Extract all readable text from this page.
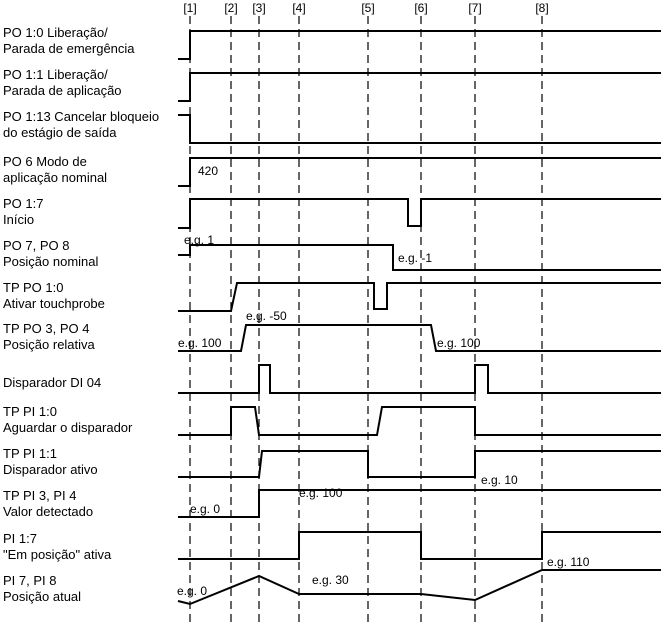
[1] [2] [3] [4]	[5]	[6]	[7]	[8]
PO 1:0 Liberação/
Parada de emergência
PO 1:1 Liberação/
Parada de aplicação
PO 1:13 Cancelar bloqueio
do estágio de saída
PO 6 Modo de
aplicação nominal
PO 1:7
Início
PO 7, PO 8
Posição nominal
TP PO 1:0
Ativar touchprobe
TP PO 3, PO 4
Posição relativa
Disparador DI 04
TP PI 1:0
Aguardar o disparador
TP PI 1:1
Disparador ativo
TP PI 3, PI 4
Valor detectado
PI 1:7
"Em posição" ativa
PI 7, PI 8
Posição atual
420
e.g. 1
e.g. -1
e.g. -50
e.g. 100	e.g. 100
e.g. 0
e.g. 100
e.g. 10
e.g. 0
e.g. 30
e.g. 110
